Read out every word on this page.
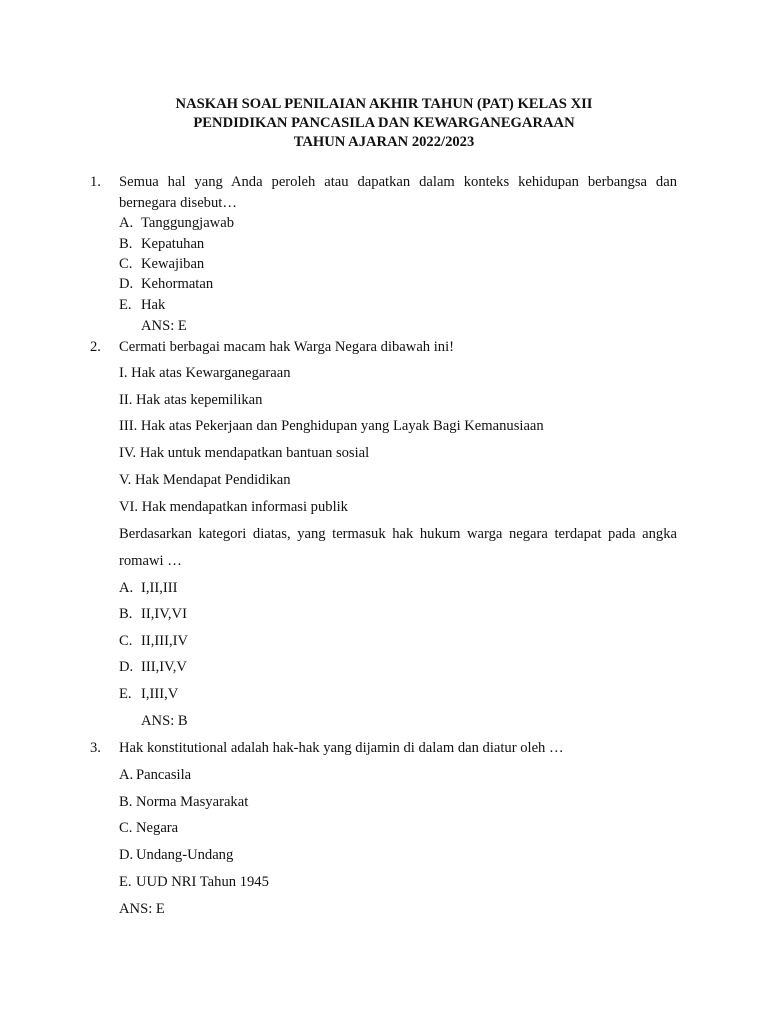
NASKAH SOAL PENILAIAN AKHIR TAHUN (PAT) KELAS XII
PENDIDIKAN PANCASILA DAN KEWARGANEGARAAN
TAHUN AJARAN 2022/2023
1. Semua hal yang Anda peroleh atau dapatkan dalam konteks kehidupan berbangsa dan
bernegara disebut…
A. Tanggungjawab
B. Kepatuhan
C. Kewajiban
D. Kehormatan
E. Hak
ANS: E
2. Cermati berbagai macam hak Warga Negara dibawah ini!
I. Hak atas Kewarganegaraan
II. Hak atas kepemilikan
III. Hak atas Pekerjaan dan Penghidupan yang Layak Bagi Kemanusiaan
IV. Hak untuk mendapatkan bantuan sosial
V. Hak Mendapat Pendidikan
VI. Hak mendapatkan informasi publik
Berdasarkan kategori diatas, yang termasuk hak hukum warga negara terdapat pada angka
romawi …
A. I,II,III
B. II,IV,VI
C. II,III,IV
D. III,IV,V
E. I,III,V
ANS: B
3. Hak konstitutional adalah hak-hak yang dijamin di dalam dan diatur oleh …
A. Pancasila
B. Norma Masyarakat
C. Negara
D. Undang-Undang
E. UUD NRI Tahun 1945
ANS: E
